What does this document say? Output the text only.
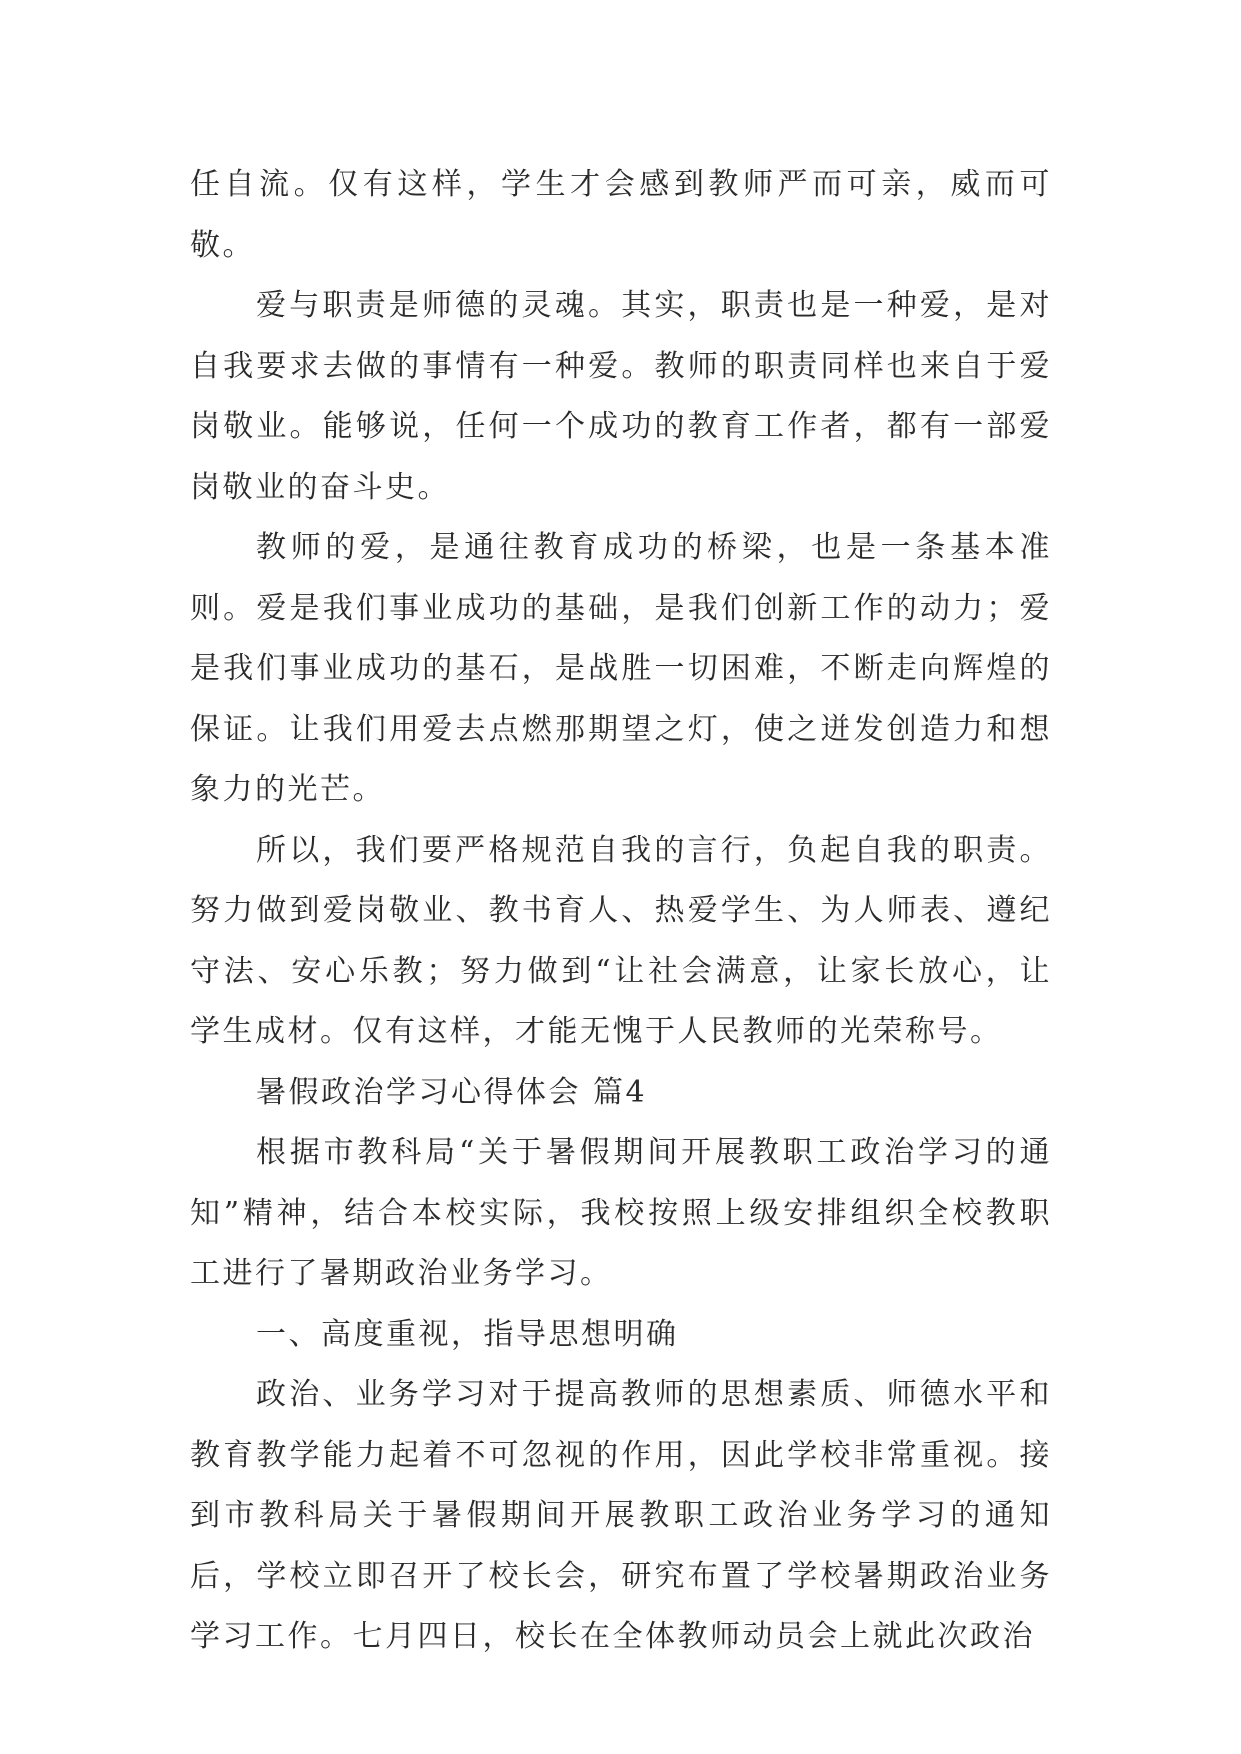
任自流。仅有这样，学生才会感到教师严而可亲，威而可敬。

爱与职责是师德的灵魂。其实，职责也是一种爱，是对自我要求去做的事情有一种爱。教师的职责同样也来自于爱岗敬业。能够说，任何一个成功的教育工作者，都有一部爱岗敬业的奋斗史。

教师的爱，是通往教育成功的桥梁，也是一条基本准则。爱是我们事业成功的基础，是我们创新工作的动力；爱是我们事业成功的基石，是战胜一切困难，不断走向辉煌的保证。让我们用爱去点燃那期望之灯，使之迸发创造力和想象力的光芒。

所以，我们要严格规范自我的言行，负起自我的职责。努力做到爱岗敬业、教书育人、热爱学生、为人师表、遵纪守法、安心乐教；努力做到“让社会满意，让家长放心，让学生成材。仅有这样，才能无愧于人民教师的光荣称号。

暑假政治学习心得体会 篇4

根据市教科局“关于暑假期间开展教职工政治学习的通知”精神，结合本校实际，我校按照上级安排组织全校教职工进行了暑期政治业务学习。

一、高度重视，指导思想明确

政治、业务学习对于提高教师的思想素质、师德水平和教育教学能力起着不可忽视的作用，因此学校非常重视。接到市教科局关于暑假期间开展教职工政治业务学习的通知后，学校立即召开了校长会，研究布置了学校暑期政治业务学习工作。七月四日，校长在全体教师动员会上就此次政治
